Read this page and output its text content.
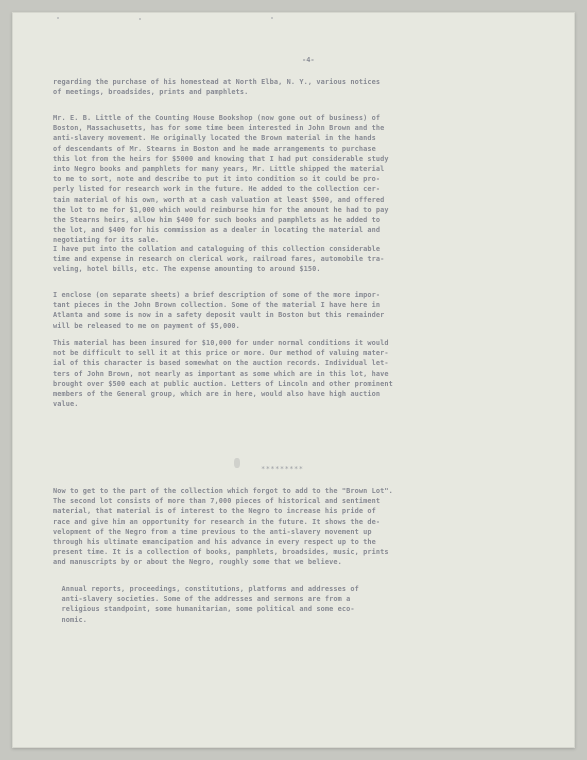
-4-
regarding the purchase of his homestead at North Elba, N. Y., various notices
of meetings, broadsides, prints and pamphlets.
Mr. E. B. Little of the Counting House Bookshop (now gone out of business) of
Boston, Massachusetts, has for some time been interested in John Brown and the
anti-slavery movement. He originally located the Brown material in the hands
of descendants of Mr. Stearns in Boston and he made arrangements to purchase
this lot from the heirs for $5000 and knowing that I had put considerable study
into Negro books and pamphlets for many years, Mr. Little shipped the material
to me to sort, note and describe to put it into condition so it could be pro-
perly listed for research work in the future. He added to the collection cer-
tain material of his own, worth at a cash valuation at least $500, and offered
the lot to me for $1,000 which would reimburse him for the amount he had to pay
the Stearns heirs, allow him $400 for such books and pamphlets as he added to
the lot, and $400 for his commission as a dealer in locating the material and
negotiating for its sale.
I have put into the collation and cataloguing of this collection considerable
time and expense in research on clerical work, railroad fares, automobile tra-
veling, hotel bills, etc. The expense amounting to around $150.
I enclose (on separate sheets) a brief description of some of the more impor-
tant pieces in the John Brown collection. Some of the material I have here in
Atlanta and some is now in a safety deposit vault in Boston but this remainder
will be released to me on payment of $5,000.
This material has been insured for $10,000 for under normal conditions it would
not be difficult to sell it at this price or more. Our method of valuing mater-
ial of this character is based somewhat on the auction records. Individual let-
ters of John Brown, not nearly as important as some which are in this lot, have
brought over $500 each at public auction. Letters of Lincoln and other prominent
members of the General group, which are in here, would also have high auction
value.
*********
Now to get to the part of the collection which forgot to add to the "Brown Lot".
The second lot consists of more than 7,000 pieces of historical and sentiment
material, that material is of interest to the Negro to increase his pride of
race and give him an opportunity for research in the future. It shows the de-
velopment of the Negro from a time previous to the anti-slavery movement up
through his ultimate emancipation and his advance in every respect up to the
present time. It is a collection of books, pamphlets, broadsides, music, prints
and manuscripts by or about the Negro, roughly some that we believe.
Annual reports, proceedings, constitutions, platforms and addresses of
anti-slavery societies. Some of the addresses and sermons are from a
religious standpoint, some humanitarian, some political and some eco-
nomic.
